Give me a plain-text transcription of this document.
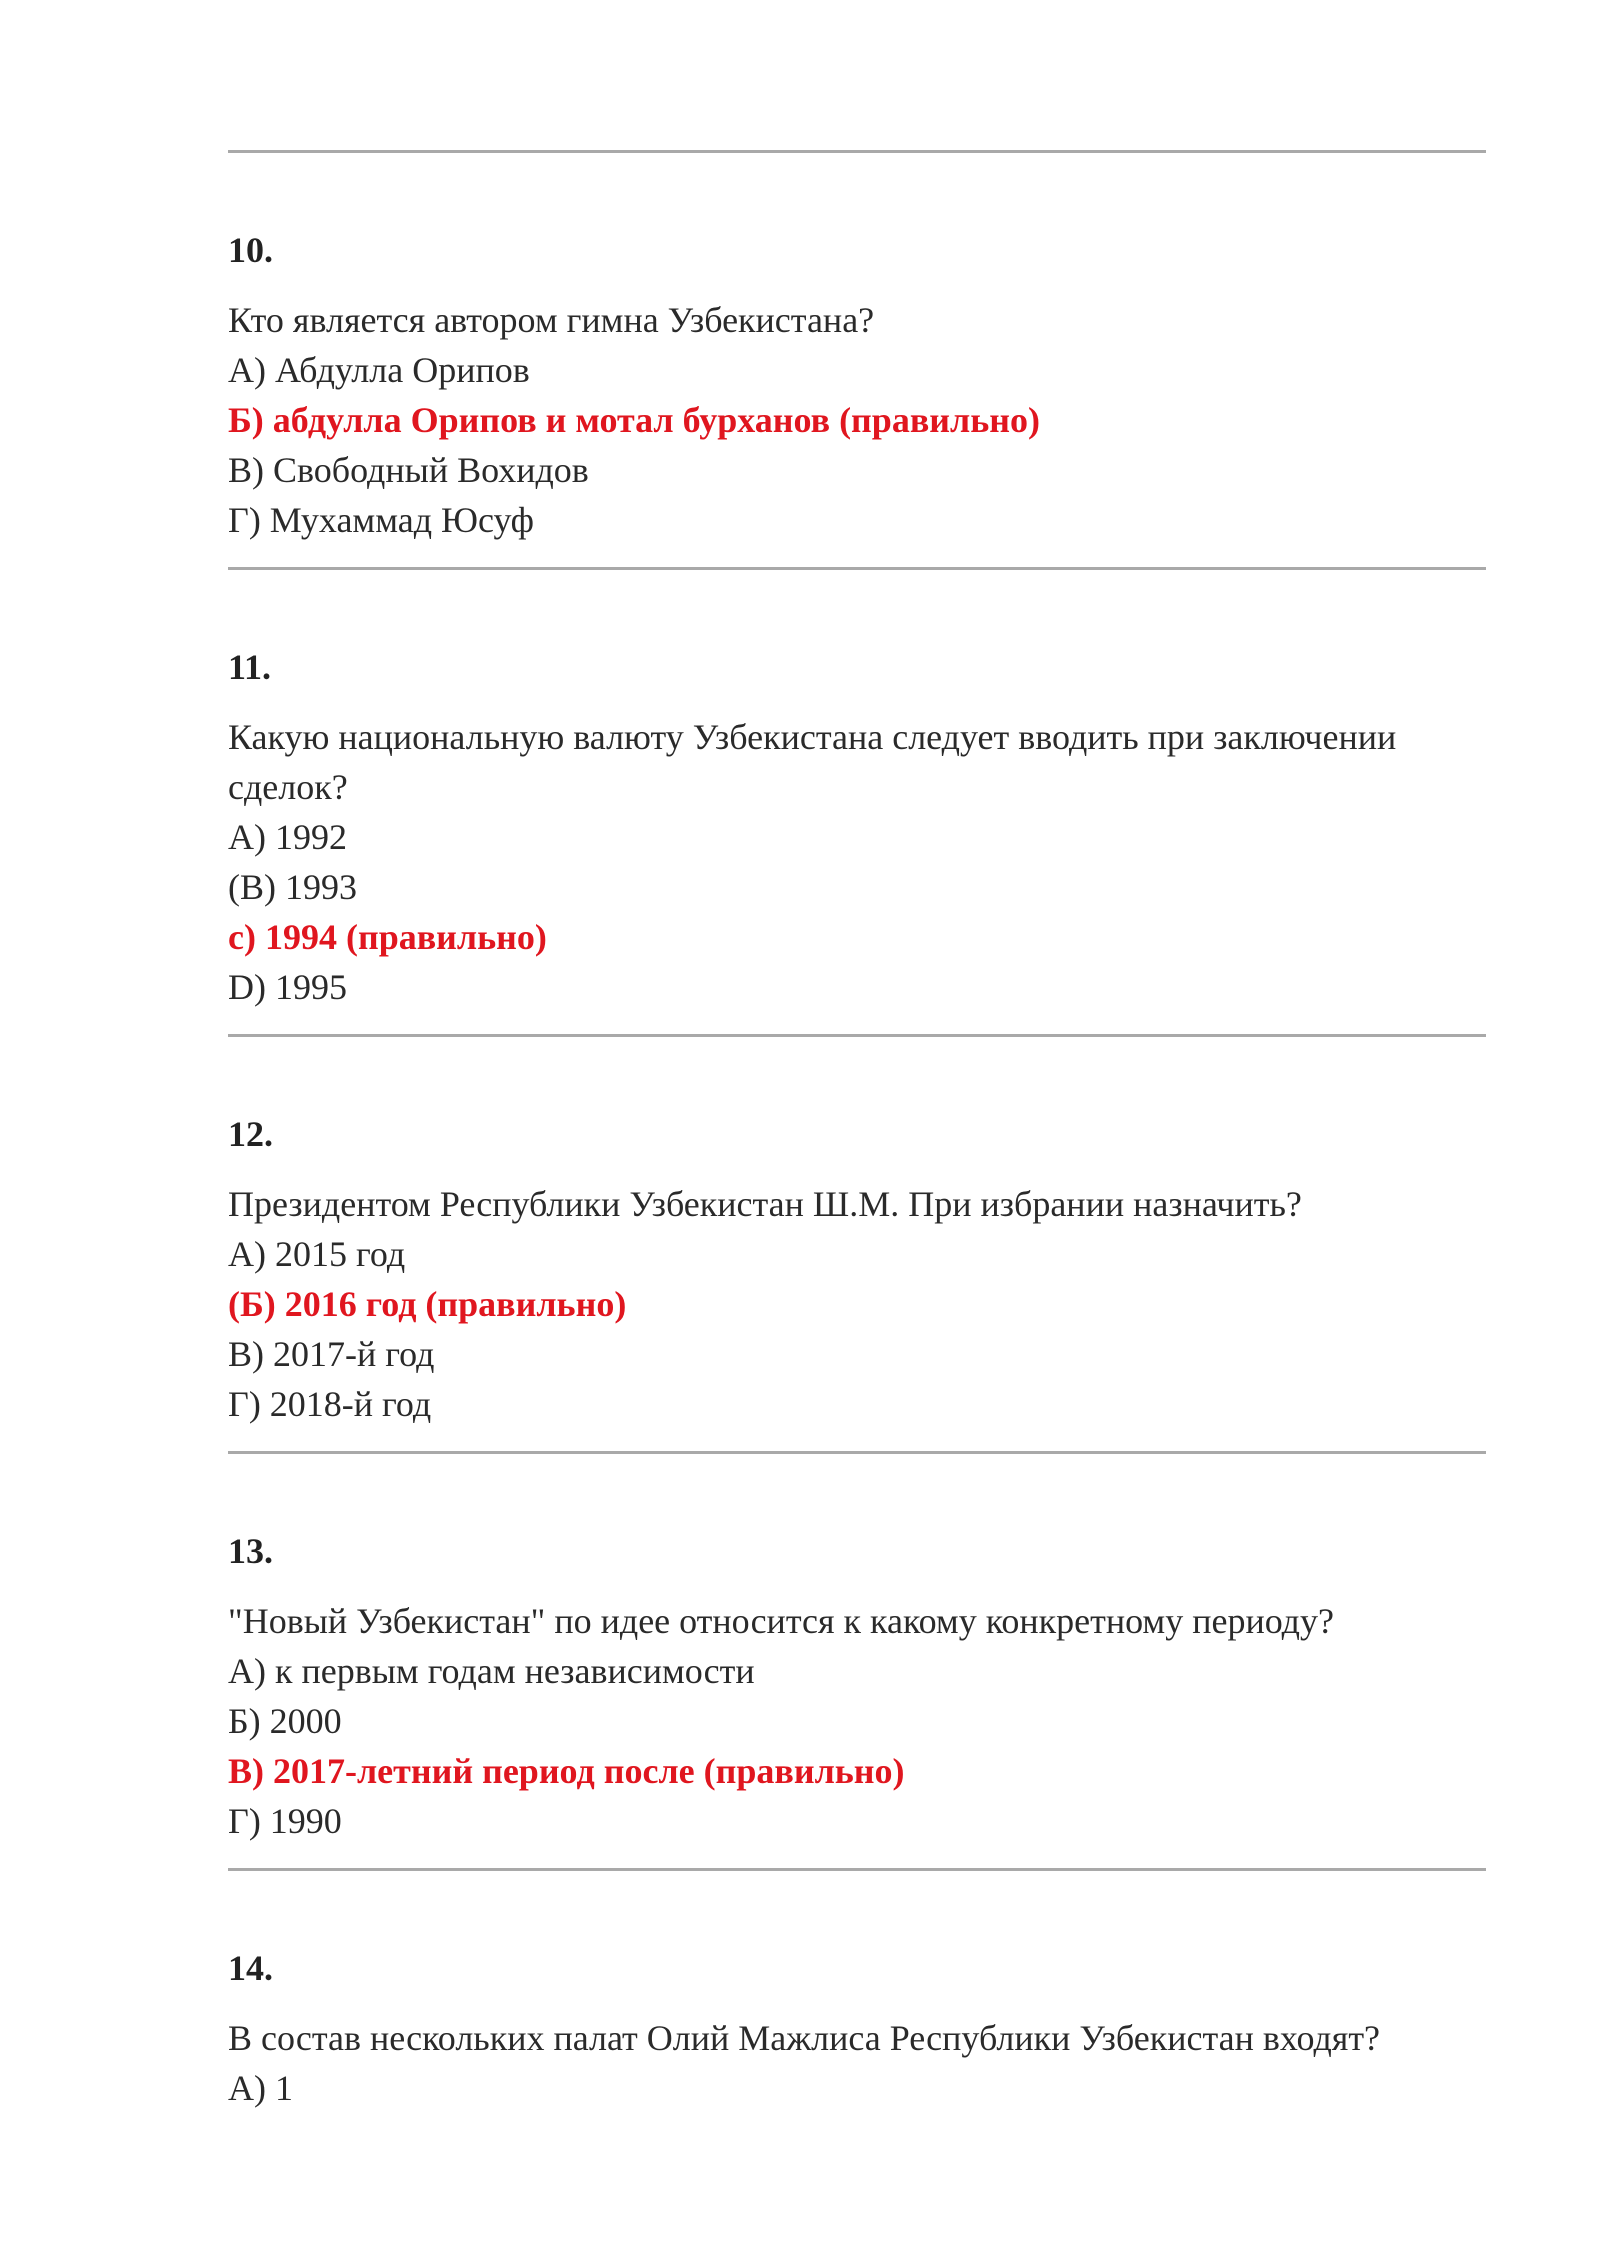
10.

Кто является автором гимна Узбекистана?

А) Абдулла Орипов

Б) абдулла Орипов и мотал бурханов (правильно)

В) Свободный Вохидов

Г) Мухаммад Юсуф

11.

Какую национальную валюту Узбекистана следует вводить при заключении сделок?

А) 1992

(В) 1993

с) 1994 (правильно)

D) 1995

12.

Президентом Республики Узбекистан Ш.М. При избрании назначить?

А) 2015 год

(Б) 2016 год (правильно)

В) 2017-й год

Г) 2018-й год

13.

"Новый Узбекистан" по идее относится к какому конкретному периоду?

А) к первым годам независимости

Б) 2000

В) 2017-летний период после (правильно)

Г) 1990

14.

В состав нескольких палат Олий Мажлиса Республики Узбекистан входят?

А) 1
